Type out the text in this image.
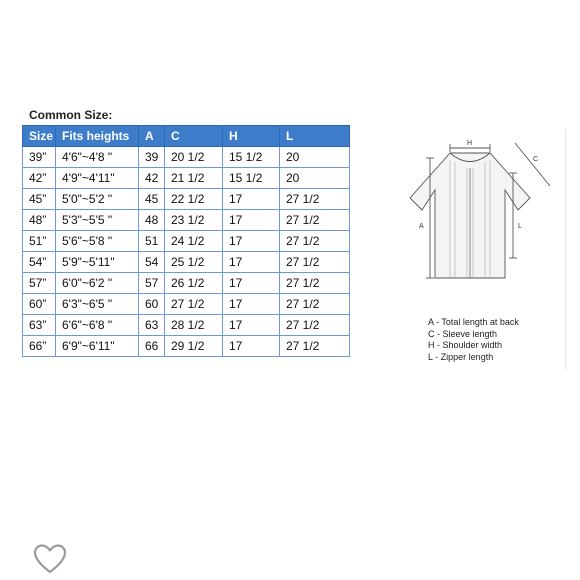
Common Size:
Size	Fits heights	A	C	H	L
39”	4'6"~4'8 "	39	20 1/2	15 1/2	20
42”	4'9"~4'11"	42	21 1/2	15 1/2	20
45”	5'0"~5'2 "	45	22 1/2	17	27 1/2
48”	5'3"~5'5 "	48	23 1/2	17	27 1/2
51”	5'6"~5'8 "	51	24 1/2	17	27 1/2
54”	5'9"~5'11"	54	25 1/2	17	27 1/2
57”	6'0"~6'2 "	57	26 1/2	17	27 1/2
60”	6'3"~6'5 "	60	27 1/2	17	27 1/2
63”	6'6"~6'8 "	63	28 1/2	17	27 1/2
66”	6'9"~6'11"	66	29 1/2	17	27 1/2
H
A	L
C
A - Total length at back
C - Sleeve length
H - Shoulder width
L - Zipper length
